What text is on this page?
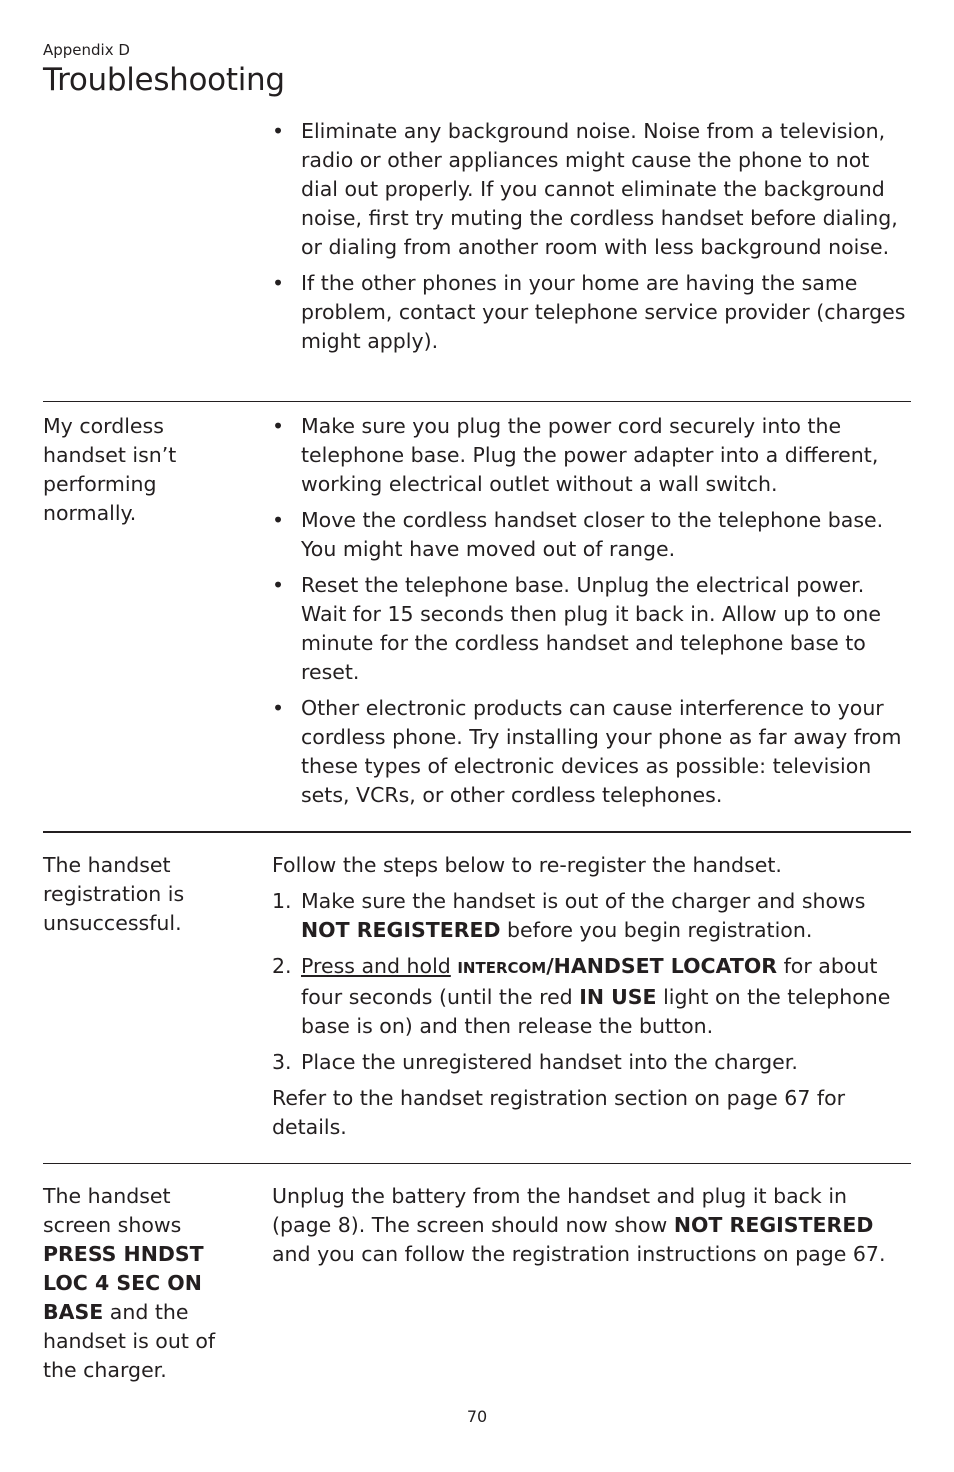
Appendix D
Troubleshooting
• Eliminate any background noise. Noise from a television, radio or other appliances might cause the phone to not dial out properly. If you cannot eliminate the background noise, first try muting the cordless handset before dialing, or dialing from another room with less background noise.
• If the other phones in your home are having the same problem, contact your telephone service provider (charges might apply).
My cordless handset isn’t performing normally.
• Make sure you plug the power cord securely into the telephone base. Plug the power adapter into a different, working electrical outlet without a wall switch.
• Move the cordless handset closer to the telephone base. You might have moved out of range.
• Reset the telephone base. Unplug the electrical power. Wait for 15 seconds then plug it back in. Allow up to one minute for the cordless handset and telephone base to reset.
• Other electronic products can cause interference to your cordless phone. Try installing your phone as far away from these types of electronic devices as possible: television sets, VCRs, or other cordless telephones.
The handset registration is unsuccessful.

Follow the steps below to re-register the handset.

1. Make sure the handset is out of the charger and shows NOT REGISTERED before you begin registration.
2. Press and hold INTERCOM/HANDSET LOCATOR for about four seconds (until the red IN USE light on the telephone base is on) and then release the button.
3. Place the unregistered handset into the charger.

Refer to the handset registration section on page 67 for details.

The handset screen shows PRESS HNDST LOC 4 SEC ON BASE and the handset is out of the charger.
Unplug the battery from the handset and plug it back in (page 8). The screen should now show NOT REGISTERED and you can follow the registration instructions on page 67.
70
